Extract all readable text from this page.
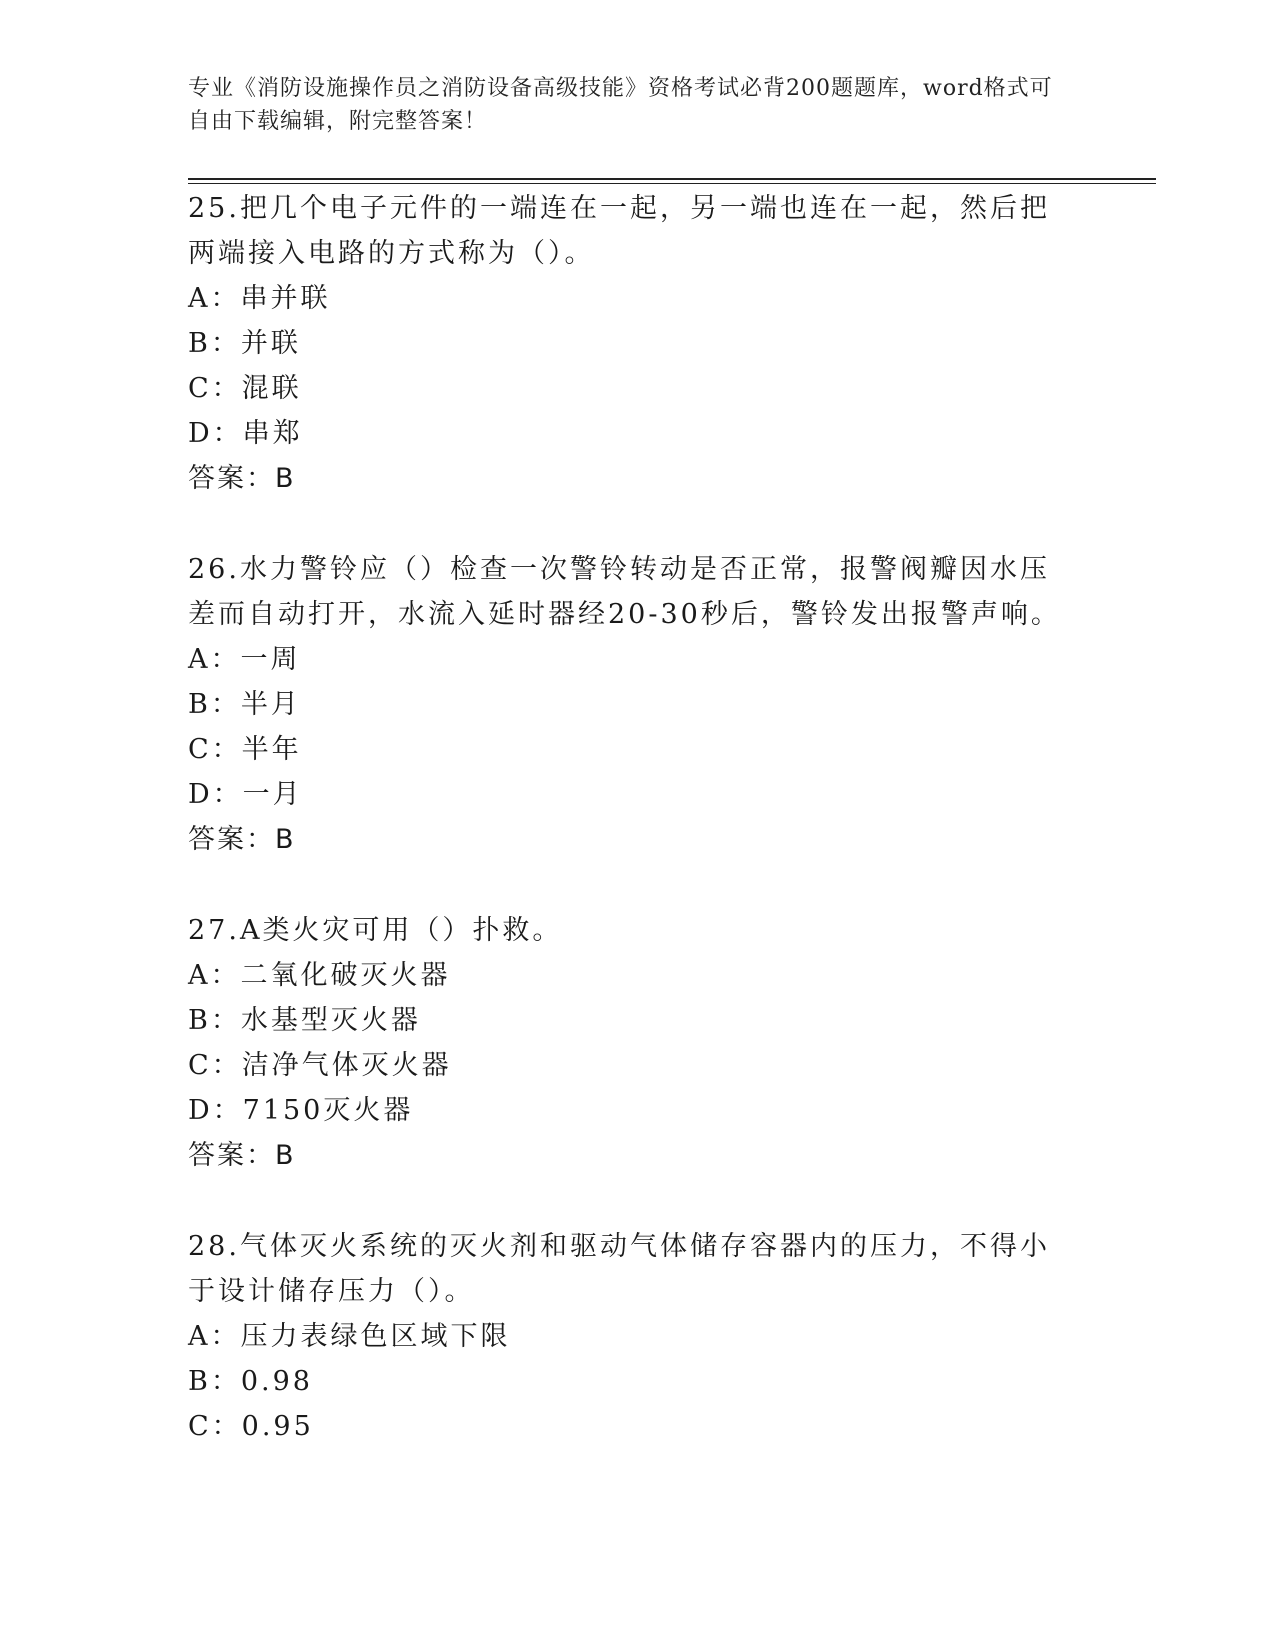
专业《消防设施操作员之消防设备高级技能》资格考试必背200题题库，word格式可自由下载编辑，附完整答案！
25.把几个电子元件的一端连在一起，另一端也连在一起，然后把两端接入电路的方式称为（）。
A：串并联
B：并联
C：混联
D：串郑
答案：B
26.水力警铃应（）检查一次警铃转动是否正常，报警阀瓣因水压差而自动打开，水流入延时器经20-30秒后，警铃发出报警声响。
A：一周
B：半月
C：半年
D：一月
答案：B
27.A类火灾可用（）扑救。
A：二氧化破灭火器
B：水基型灭火器
C：洁净气体灭火器
D：7150灭火器
答案：B
28.气体灭火系统的灭火剂和驱动气体储存容器内的压力，不得小于设计储存压力（）。
A：压力表绿色区域下限
B：0.98
C：0.95
